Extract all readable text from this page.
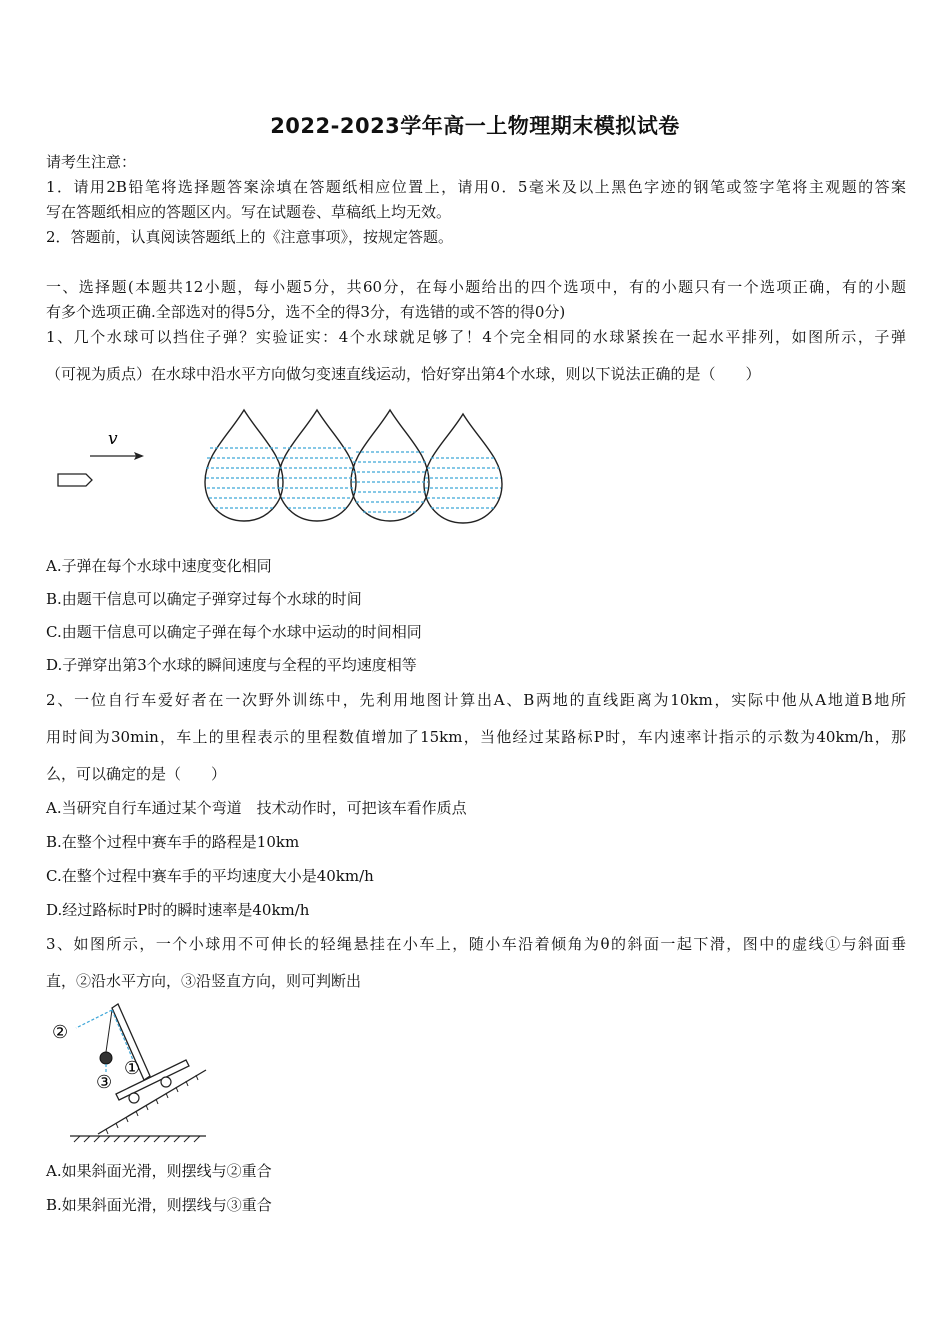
2022-2023学年高一上物理期末模拟试卷
请考生注意：
1．请用2B铅笔将选择题答案涂填在答题纸相应位置上，请用0．5毫米及以上黑色字迹的钢笔或签字笔将主观题的答案
写在答题纸相应的答题区内。写在试题卷、草稿纸上均无效。
2．答题前，认真阅读答题纸上的《注意事项》，按规定答题。
一、选择题(本题共12小题，每小题5分，共60分，在每小题给出的四个选项中，有的小题只有一个选项正确，有的小题
有多个选项正确.全部选对的得5分，选不全的得3分，有选错的或不答的得0分)
1、几个水球可以挡住子弹？实验证实：4个水球就足够了！4个完全相同的水球紧挨在一起水平排列，如图所示，子弹
（可视为质点）在水球中沿水平方向做匀变速直线运动，恰好穿出第4个水球，则以下说法正确的是（　　）
v
A.子弹在每个水球中速度变化相同
B.由题干信息可以确定子弹穿过每个水球的时间
C.由题干信息可以确定子弹在每个水球中运动的时间相同
D.子弹穿出第3个水球的瞬间速度与全程的平均速度相等
2、一位自行车爱好者在一次野外训练中，先利用地图计算出A、B两地的直线距离为10km，实际中他从A地道B地所
用时间为30min，车上的里程表示的里程数值增加了15km，当他经过某路标P时，车内速率计指示的示数为40km/h，那
么，可以确定的是（　　）
A.当研究自行车通过某个弯道　技术动作时，可把该车看作质点
B.在整个过程中赛车手的路程是10km
C.在整个过程中赛车手的平均速度大小是40km/h
D.经过路标时P时的瞬时速率是40km/h
3、如图所示，一个小球用不可伸长的轻绳悬挂在小车上，随小车沿着倾角为θ的斜面一起下滑，图中的虚线①与斜面垂
直，②沿水平方向，③沿竖直方向，则可判断出
②
③
①
A.如果斜面光滑，则摆线与②重合
B.如果斜面光滑，则摆线与③重合
